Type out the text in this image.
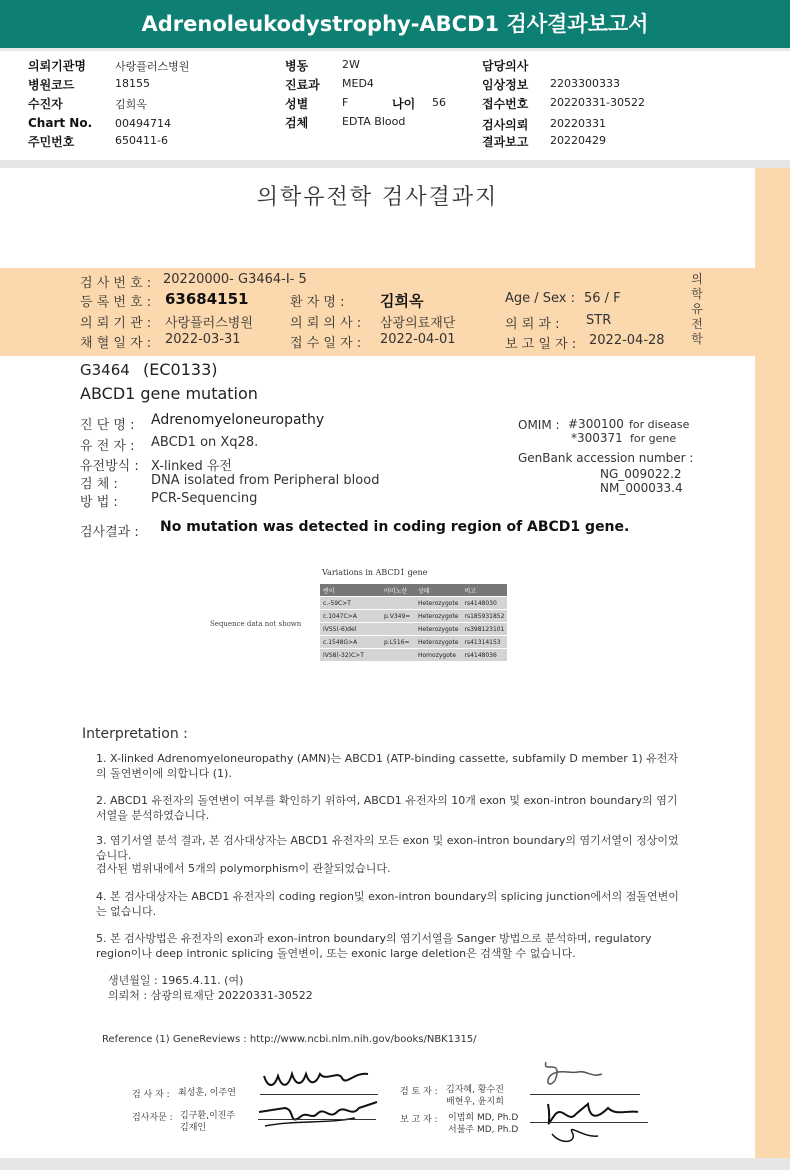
Adrenoleukodystrophy-ABCD1 검사결과보고서
의뢰기관명	사랑플러스병원
병원코드	18155
수진자	김희옥
Chart No. 00494714
주민번호	650411-6
병동	2W
진료과 MED4
성별	F	나이 56
검체	EDTA Blood
담당의사
임상정보 2203300333
접수번호 20220331-30522
검사의뢰 20220331
결과보고 20220429
의학유전학 검사결과지
의
학
유
전
학
검 사 번 호 : 20220000- G3464-I- 5
등 록 번 호 : 63684151	환 자 명 : 김희옥	Age / Sex : 56 / F
의 뢰 기 관 : 사랑플러스병원	의 뢰 의 사 : 삼광의료재단	의 뢰 과 : STR
채 혈 일 자 : 2022-03-31	접 수 일 자 : 2022-04-01	보 고 일 자 : 2022-04-28
G3464 (EC0133)
ABCD1 gene mutation
진 단 명 : Adrenomyeloneuropathy
유 전 자 : ABCD1 on Xq28.
유전방식 : X-linked 유전
검 체 :	DNA isolated from Peripheral blood
방 법 :	PCR-Sequencing
OMIM : #300100 for disease
*300371 for gene
GenBank accession number :
NG_009022.2
NM_000033.4
검사결과 : No mutation was detected in coding region of ABCD1 gene.
Variations in ABCD1 gene
Sequence data not shown
변이	아미노산	상태	비고
c.-59C>T		Heterozygote	rs4148030
c.1047C>A	p.V349=	Heterozygote	rs185931852
IVS5(-6)del		Heterozygote	rs398123101
c.1548G>A	p.L516=	Heterozygote	rs41314153
IVS8(-32)C>T		Homozygote	rs4148036
Interpretation :
1. X-linked Adrenomyeloneuropathy (AMN)는 ABCD1 (ATP-binding cassette, subfamily D member 1) 유전자의 돌연변이에 의합니다 (1).
2. ABCD1 유전자의 돌연변이 여부를 확인하기 위하여, ABCD1 유전자의 10개 exon 및 exon-intron boundary의 염기서열을 분석하였습니다.
3. 염기서열 분석 결과, 본 검사대상자는 ABCD1 유전자의 모든 exon 및 exon-intron boundary의 염기서열이 정상이었습니다.
검사된 범위내에서 5개의 polymorphism이 관찰되었습니다.
4. 본 검사대상자는 ABCD1 유전자의 coding region및 exon-intron boundary의 splicing junction에서의 점돌연변이는 없습니다.
5. 본 검사방법은 유전자의 exon과 exon-intron boundary의 염기서열을 Sanger 방법으로 분석하며, regulatory region이나 deep intronic splicing 돌연변이, 또는 exonic large deletion은 검색할 수 없습니다.
생년월일 : 1965.4.11. (여)
의뢰처 : 삼광의료재단 20220331-30522
Reference (1) GeneReviews : http://www.ncbi.nlm.nih.gov/books/NBK1315/
검 사 자 : 최성훈, 이주연
검사자문 : 김구환,이진주
김재인
검 토 자 : 김자혜, 황수진
배현우, 윤지희
보 고 자 : 이범희 MD, Ph.D
서불주 MD, Ph.D
